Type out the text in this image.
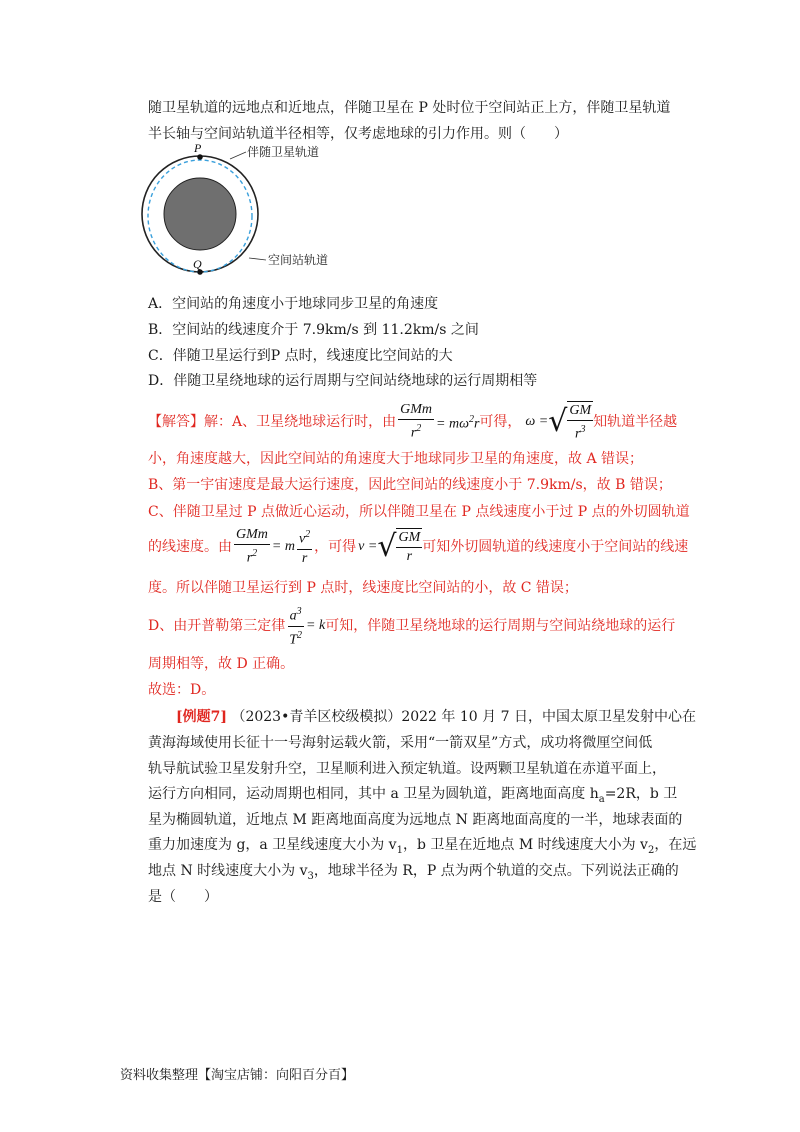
随卫星轨道的远地点和近地点，伴随卫星在 P 处时位于空间站正上方，伴随卫星轨道
半长轴与空间站轨道半径相等，仅考虑地球的引力作用。则（　　）
P
Q
伴随卫星轨道
空间站轨道
A．空间站的角速度小于地球同步卫星的角速度
B．空间站的线速度介于 7.9km/s 到 11.2km/s 之间
C．伴随卫星运行到P 点时，线速度比空间站的大
D．伴随卫星绕地球的运行周期与空间站绕地球的运行周期相等
【解答】 解：A、卫星绕地球运行时，由 $\frac{\text{GMm}}{r^2} = m\omega^2r$ 可得， ω = √ $\frac{GM}{r^3}$ 知轨道半径越
小，角速度越大，因此空间站的角速度大于地球同步卫星的角速度，故 A 错误；
B、第一宇宙速度是最大运行速度，因此空间站的线速度小于 7.9km/s，故 B 错误；
C、伴随卫星过 P 点做近心运动，所以伴随卫星在 P 点线速度小于过 P 点的外切圆轨道
的线速度。由 $\frac{\text{GMm}}{r^2} = m \frac{v^2}{r}$ ，可得 v = √ $\frac{GM}{r}$ 可知外切圆轨道的线速度小于空间站的线速
度。所以伴随卫星运行到 P 点时，线速度比空间站的小，故 C 错误；
D、由开普勒第三定律 $\frac{a^3}{T^2} = k$ 可知，伴随卫星绕地球的运行周期与空间站绕地球的运行
周期相等，故 D 正确。
故选：D。
[例题7] （2023•青羊区校级模拟）2022 年 10 月 7 日，中国太原卫星发射中心在
黄海海域使用长征十一号海射运载火箭，采用“一箭双星”方式，成功将微厘空间低
轨导航试验卫星发射升空，卫星顺利进入预定轨道。设两颗卫星轨道在赤道平面上，
运行方向相同，运动周期也相同，其中 a 卫星为圆轨道，距离地面高度 $h_a=2R$，b 卫
星为椭圆轨道，近地点 M 距离地面高度为远地点 N 距离地面高度的一半，地球表面的
重力加速度为 g，a 卫星线速度大小为 $v_1$，b 卫星在近地点 M 时线速度大小为 $v_2$，在远
地点 N 时线速度大小为 $v_3$，地球半径为 R，P 点为两个轨道的交点。下列说法正确的
是（　　）
资料收集整理【淘宝店铺：向阳百分百】
